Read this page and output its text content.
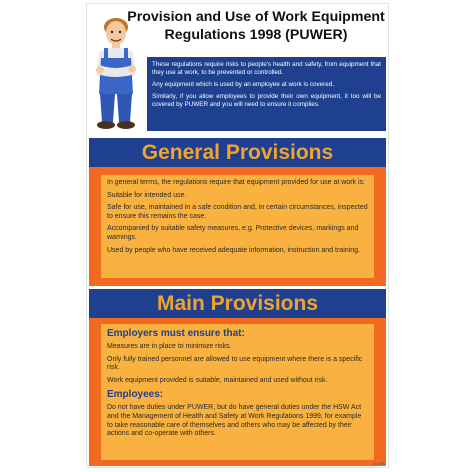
Provision and Use of Work Equipment Regulations 1998 (PUWER)

These regulations require risks to people's health and safety, from equipment that they use at work, to be prevented or controlled.

Any equipment which is used by an employee at work is covered.

Similarly, if you allow employees to provide their own equipment, it too will be covered by PUWER and you will need to ensure it complies.

General Provisions

In general terms, the regulations require that equipment provided for use at work is:

Suitable for intended use.

Safe for use, maintained in a safe condition and, in certain circumstances, inspected to ensure this remains the case.

Accompanied by suitable safety measures, e.g. Protective devices, markings and warnings.

Used by people who have received adequate information, instruction and training.

Main Provisions
Employers must ensure that:

Measures are in place to minimize risks.

Only fully trained personnel are allowed to use equipment where there is a specific risk.

Work equipment provided is suitable, maintained and used without risk.

Employees:

Do not have duties under PUWER, but do have general duties under the HSW Act and the Management of Health and Safety at Work Regulations 1999, for example to take reasonable care of themselves and others who may be affected by their actions and co-operate with others.

S 5989
